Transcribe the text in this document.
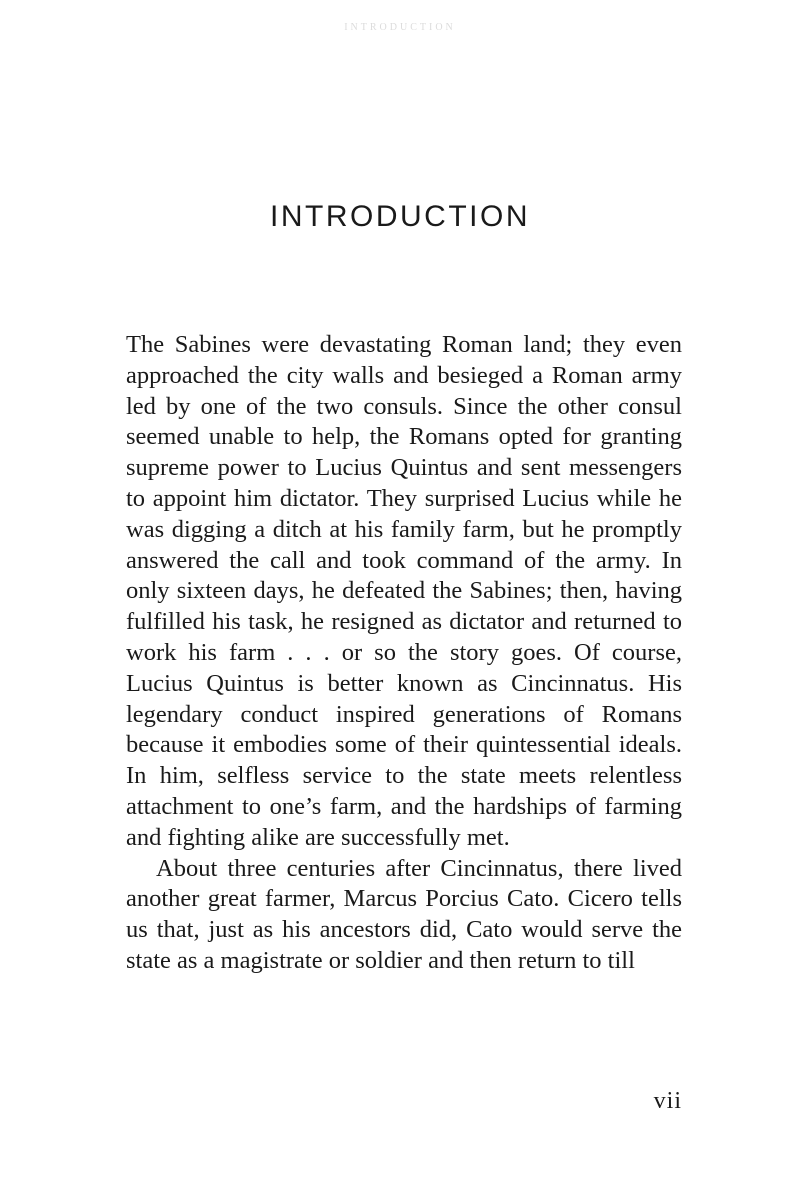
INTRODUCTION
INTRODUCTION

The Sabines were devastating Roman land; they even approached the city walls and besieged a Roman army led by one of the two consuls. Since the other consul seemed unable to help, the Romans opted for granting supreme power to Lucius Quintus and sent messengers to appoint him dictator. They surprised Lucius while he was digging a ditch at his family farm, but he promptly answered the call and took command of the army. In only sixteen days, he defeated the Sabines; then, having fulfilled his task, he resigned as dictator and returned to work his farm . . . or so the story goes. Of course, Lucius Quintus is better known as Cincinnatus. His legendary conduct inspired generations of Romans because it embodies some of their quintessential ideals. In him, selfless service to the state meets relentless attachment to one’s farm, and the hardships of farming and fighting alike are successfully met.

About three centuries after Cincinnatus, there lived another great farmer, Marcus Porcius Cato. Cicero tells us that, just as his ancestors did, Cato would serve the state as a magistrate or soldier and then return to till

vii
